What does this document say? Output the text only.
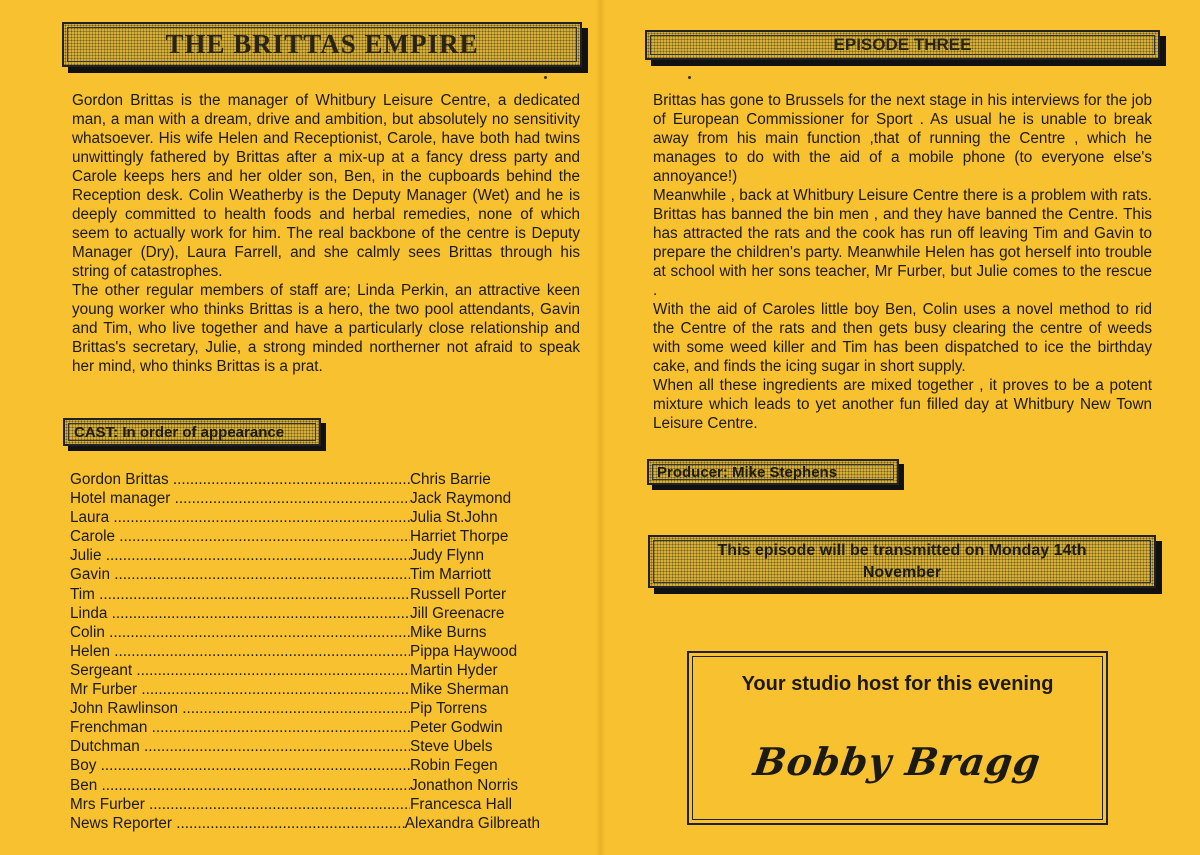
THE BRITTAS EMPIRE

Gordon Brittas is the manager of Whitbury Leisure Centre, a dedicated man, a man with a dream, drive and ambition, but absolutely no sensitivity whatsoever. His wife Helen and Receptionist, Carole, have both had twins unwittingly fathered by Brittas after a mix-up at a fancy dress party and Carole keeps hers and her older son, Ben, in the cupboards behind the Reception desk. Colin Weatherby is the Deputy Manager (Wet) and he is deeply committed to health foods and herbal remedies, none of which seem to actually work for him. The real backbone of the centre is Deputy Manager (Dry), Laura Farrell, and she calmly sees Brittas through his string of catastrophes.

The other regular members of staff are; Linda Perkin, an attractive keen young worker who thinks Brittas is a hero, the two pool attendants, Gavin and Tim, who live together and have a particularly close relationship and Brittas's secretary, Julie, a strong minded northerner not afraid to speak her mind, who thinks Brittas is a prat.

CAST: In order of appearance
Gordon Brittas .....	Chris Barrie
Hotel manager .....	Jack Raymond
Laura .....	Julia St.John
Carole .....	Harriet Thorpe
Julie .....	Judy Flynn
Gavin .....	Tim Marriott
Tim .....	Russell Porter
Linda .....	Jill Greenacre
Colin .....	Mike Burns
Helen .....	Pippa Haywood
Sergeant .....	Martin Hyder
Mr Furber .....	Mike Sherman
John Rawlinson .....	Pip Torrens
Frenchman .....	Peter Godwin
Dutchman .....	Steve Ubels
Boy .....	Robin Fegen
Ben .....	Jonathon Norris
Mrs Furber .....	Francesca Hall
News Reporter .....	Alexandra Gilbreath
EPISODE THREE

Brittas has gone to Brussels for the next stage in his interviews for the job of European Commissioner for Sport . As usual he is unable to break away from his main function ,that of running the Centre , which he manages to do with the aid of a mobile phone (to everyone else's annoyance!)

Meanwhile , back at Whitbury Leisure Centre there is a problem with rats. Brittas has banned the bin men , and they have banned the Centre. This has attracted the rats and the cook has run off leaving Tim and Gavin to prepare the children's party. Meanwhile Helen has got herself into trouble at school with her sons teacher, Mr Furber, but Julie comes to the rescue .

With the aid of Caroles little boy Ben, Colin uses a novel method to rid the Centre of the rats and then gets busy clearing the centre of weeds with some weed killer and Tim has been dispatched to ice the birthday cake, and finds the icing sugar in short supply.

When all these ingredients are mixed together , it proves to be a potent mixture which leads to yet another fun filled day at Whitbury New Town Leisure Centre.

Producer: Mike Stephens
This episode will be transmitted on Monday 14th November
Your studio host for this evening
Bobby Bragg
